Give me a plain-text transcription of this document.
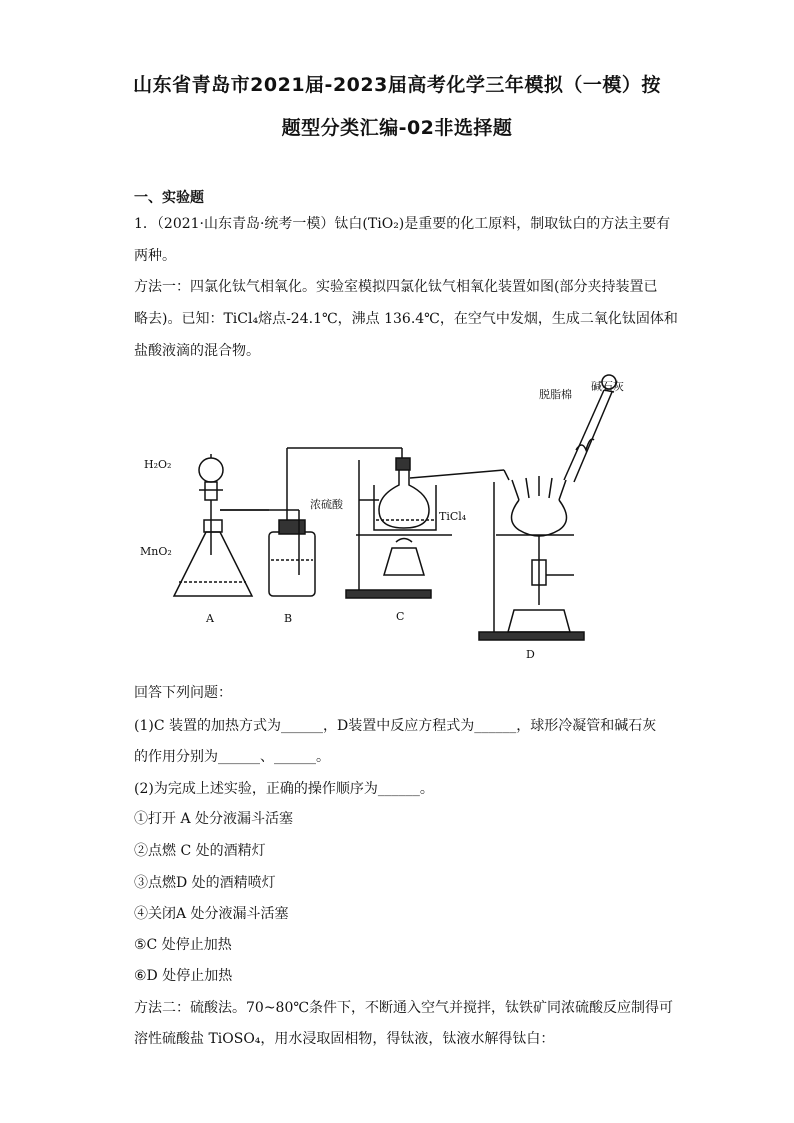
山东省青岛市2021届-2023届高考化学三年模拟（一模）按
题型分类汇编-02非选择题
一、实验题
1．（2021·山东青岛·统考一模）钛白(TiO₂)是重要的化工原料，制取钛白的方法主要有
两种。
方法一：四氯化钛气相氧化。实验室模拟四氯化钛气相氧化装置如图(部分夹持装置已
略去)。已知：TiCl₄熔点-24.1℃，沸点 136.4℃，在空气中发烟，生成二氧化钛固体和
盐酸液滴的混合物。
H₂O₂
MnO₂
浓硫酸
TiCl₄
脱脂棉
碱石灰
A	B	C
D
回答下列问题：
(1)C 装置的加热方式为______，D装置中反应方程式为______，球形冷凝管和碱石灰
的作用分别为______、______。
(2)为完成上述实验，正确的操作顺序为______。
①打开 A 处分液漏斗活塞
②点燃 C 处的酒精灯
③点燃D 处的酒精喷灯
④关闭A 处分液漏斗活塞
⑤C 处停止加热
⑥D 处停止加热
方法二：硫酸法。70~80℃条件下，不断通入空气并搅拌，钛铁矿同浓硫酸反应制得可
溶性硫酸盐 TiOSO₄，用水浸取固相物，得钛液，钛液水解得钛白：
